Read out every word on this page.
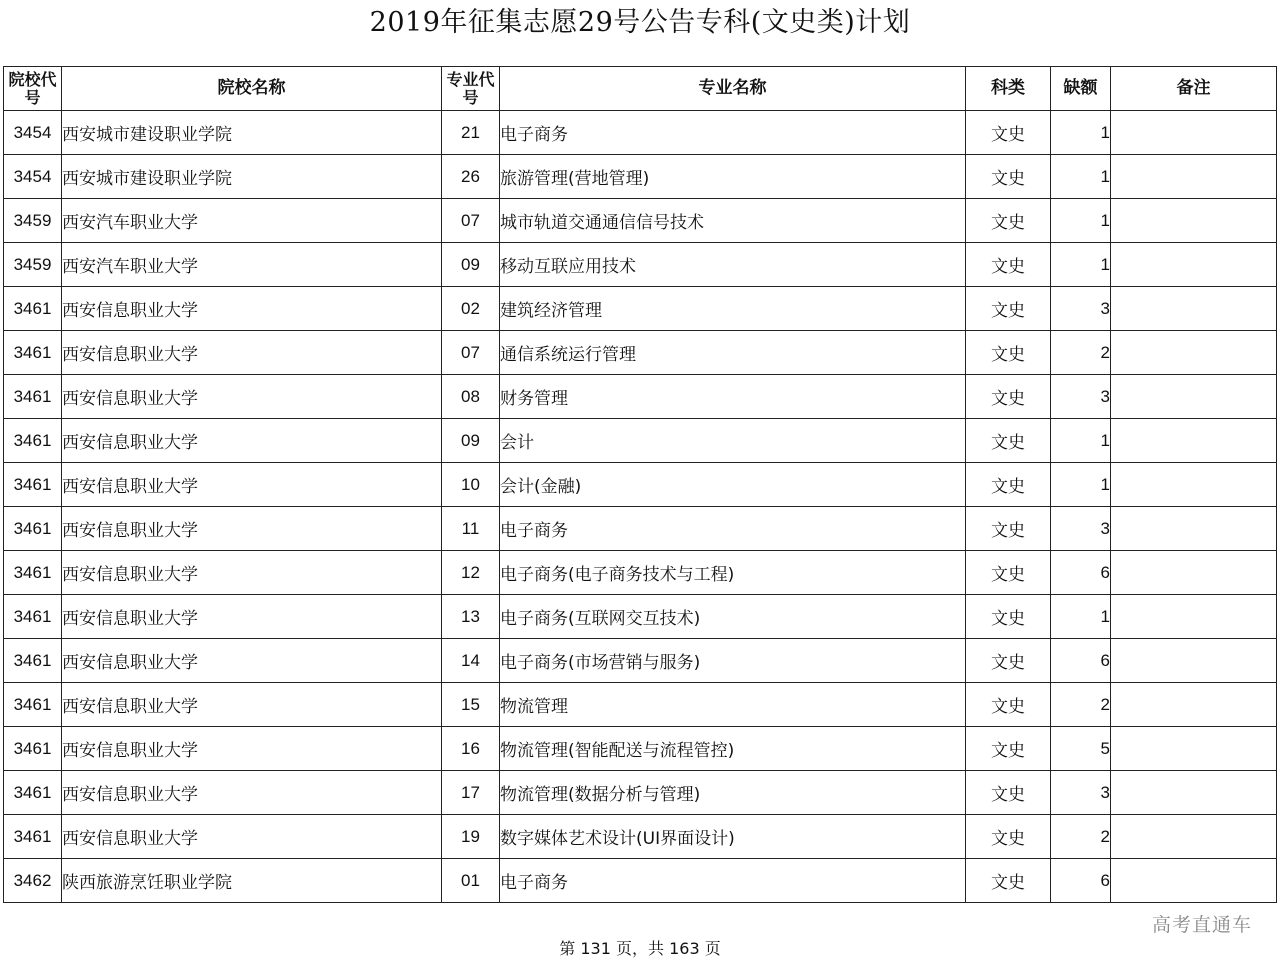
2019年征集志愿29号公告专科(文史类)计划
院校代号	院校名称	专业代号	专业名称	科类	缺额	备注
3454	西安城市建设职业学院	21	电子商务	文史	1	
3454	西安城市建设职业学院	26	旅游管理(营地管理)	文史	1	
3459	西安汽车职业大学	07	城市轨道交通通信信号技术	文史	1	
3459	西安汽车职业大学	09	移动互联应用技术	文史	1	
3461	西安信息职业大学	02	建筑经济管理	文史	3	
3461	西安信息职业大学	07	通信系统运行管理	文史	2	
3461	西安信息职业大学	08	财务管理	文史	3	
3461	西安信息职业大学	09	会计	文史	1	
3461	西安信息职业大学	10	会计(金融)	文史	1	
3461	西安信息职业大学	11	电子商务	文史	3	
3461	西安信息职业大学	12	电子商务(电子商务技术与工程)	文史	6	
3461	西安信息职业大学	13	电子商务(互联网交互技术)	文史	1	
3461	西安信息职业大学	14	电子商务(市场营销与服务)	文史	6	
3461	西安信息职业大学	15	物流管理	文史	2	
3461	西安信息职业大学	16	物流管理(智能配送与流程管控)	文史	5	
3461	西安信息职业大学	17	物流管理(数据分析与管理)	文史	3	
3461	西安信息职业大学	19	数字媒体艺术设计(UI界面设计)	文史	2	
3462	陕西旅游烹饪职业学院	01	电子商务	文史	6	
高考直通车
第 131 页，共 163 页
